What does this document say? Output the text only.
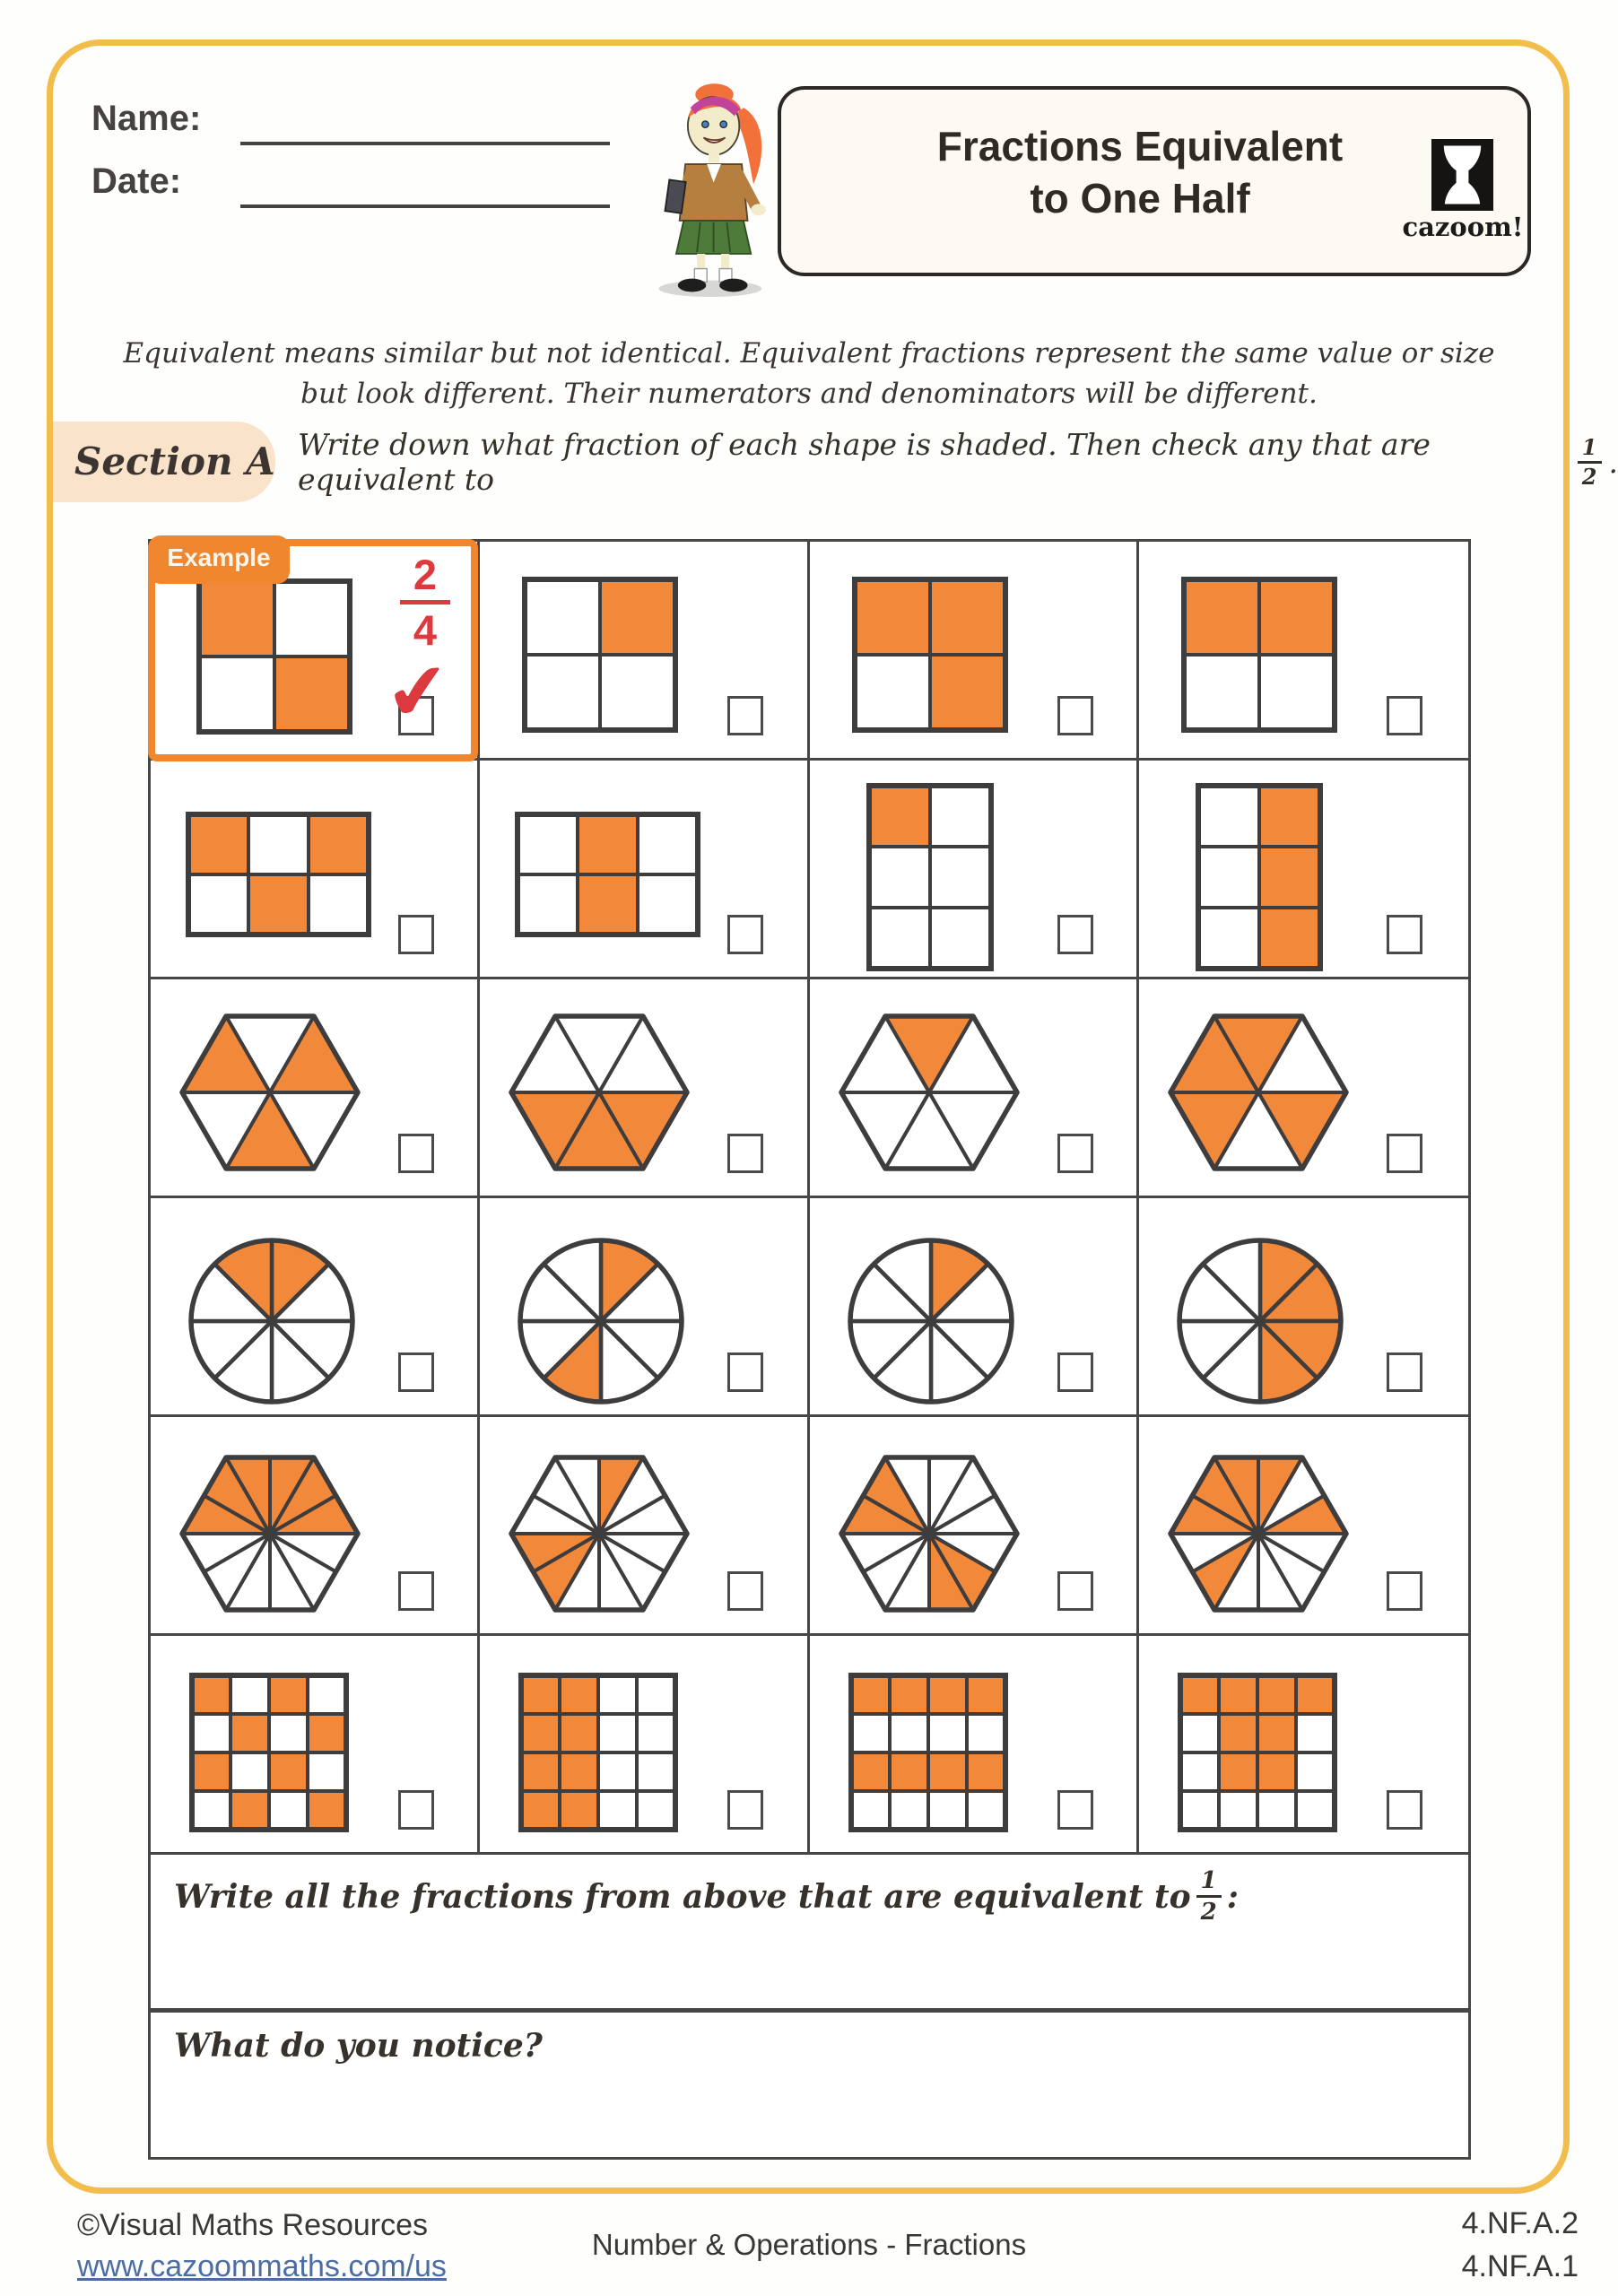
Name:
Date:
Fractions Equivalent
to One Half
cazoom!
Equivalent means similar but not identical. Equivalent fractions represent the same value or size
but look different. Their numerators and denominators will be different.
Section A Write down what fraction of each shape is shaded. Then check any that are equivalent to	$\frac{1}{2}$ .
Example	$\frac{2}{4}$
✔
Write all the fractions from above that are equivalent to $\frac{1}{2}$ :
What do you notice?
©Visual Maths Resources
www.cazoommaths.com/us
Number & Operations - Fractions
4.NF.A.2
4.NF.A.1
